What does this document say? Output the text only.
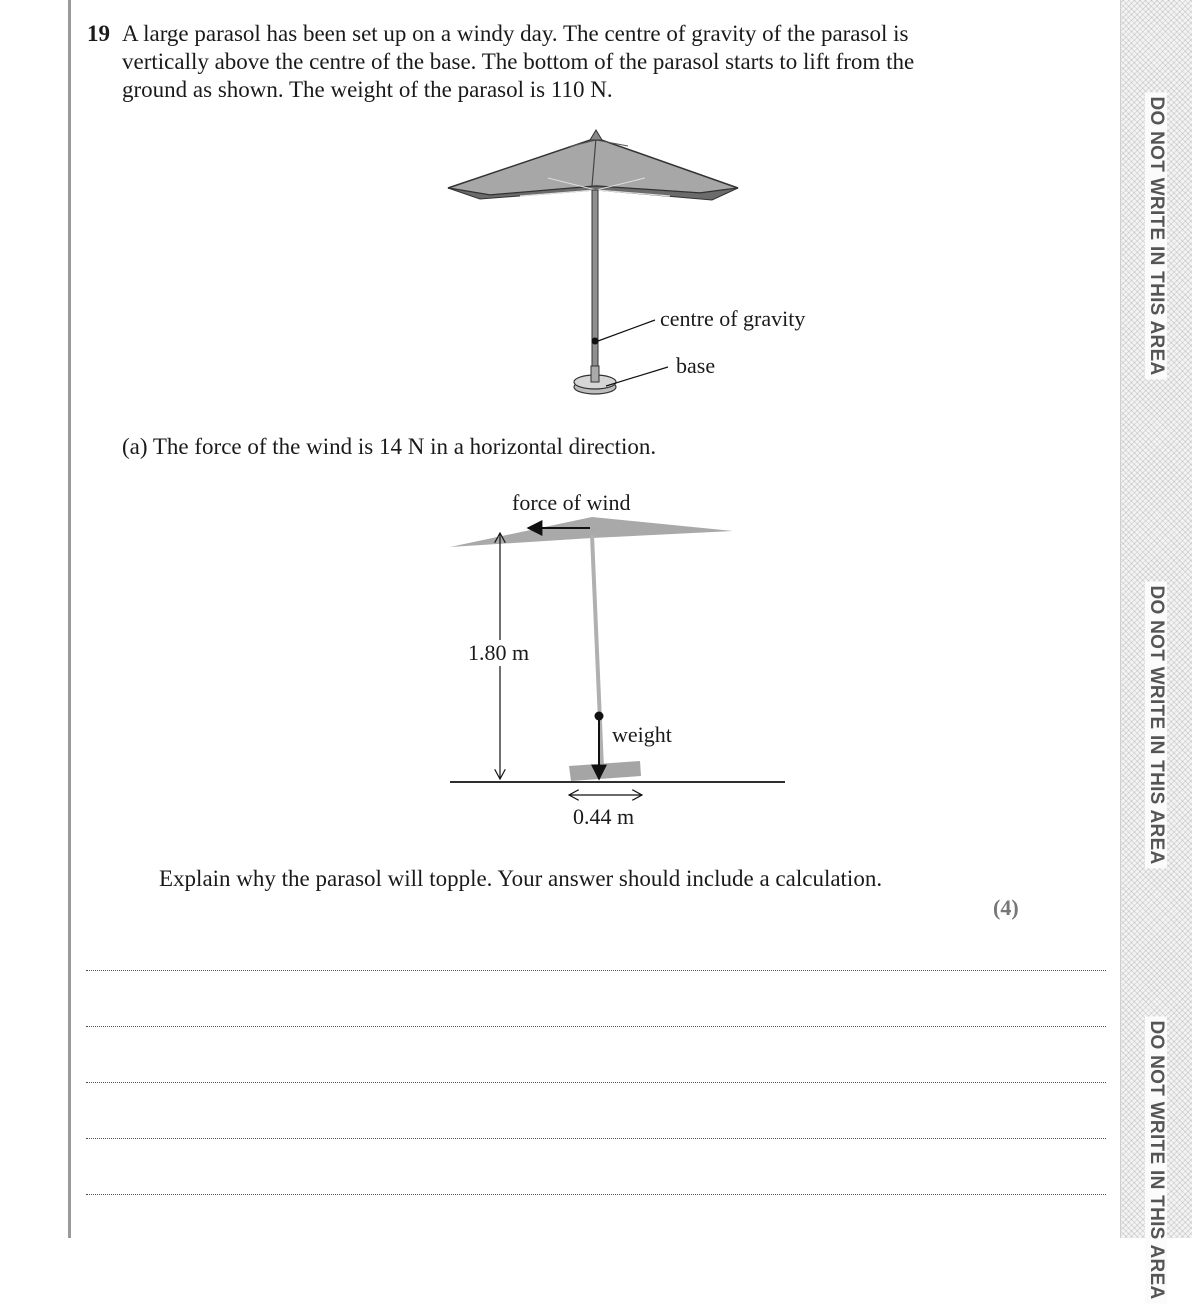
DO NOT WRITE IN THIS AREA
DO NOT WRITE IN THIS AREA
DO NOT WRITE IN THIS AREA
19 A large parasol has been set up on a windy day. The centre of gravity of the parasol is
vertically above the centre of the base. The bottom of the parasol starts to lift from the
ground as shown. The weight of the parasol is 110 N.
centre of gravity
base
(a) The force of the wind is 14 N in a horizontal direction.
force of wind
1.80 m
weight
0.44 m
Explain why the parasol will topple. Your answer should include a calculation.
(4)
